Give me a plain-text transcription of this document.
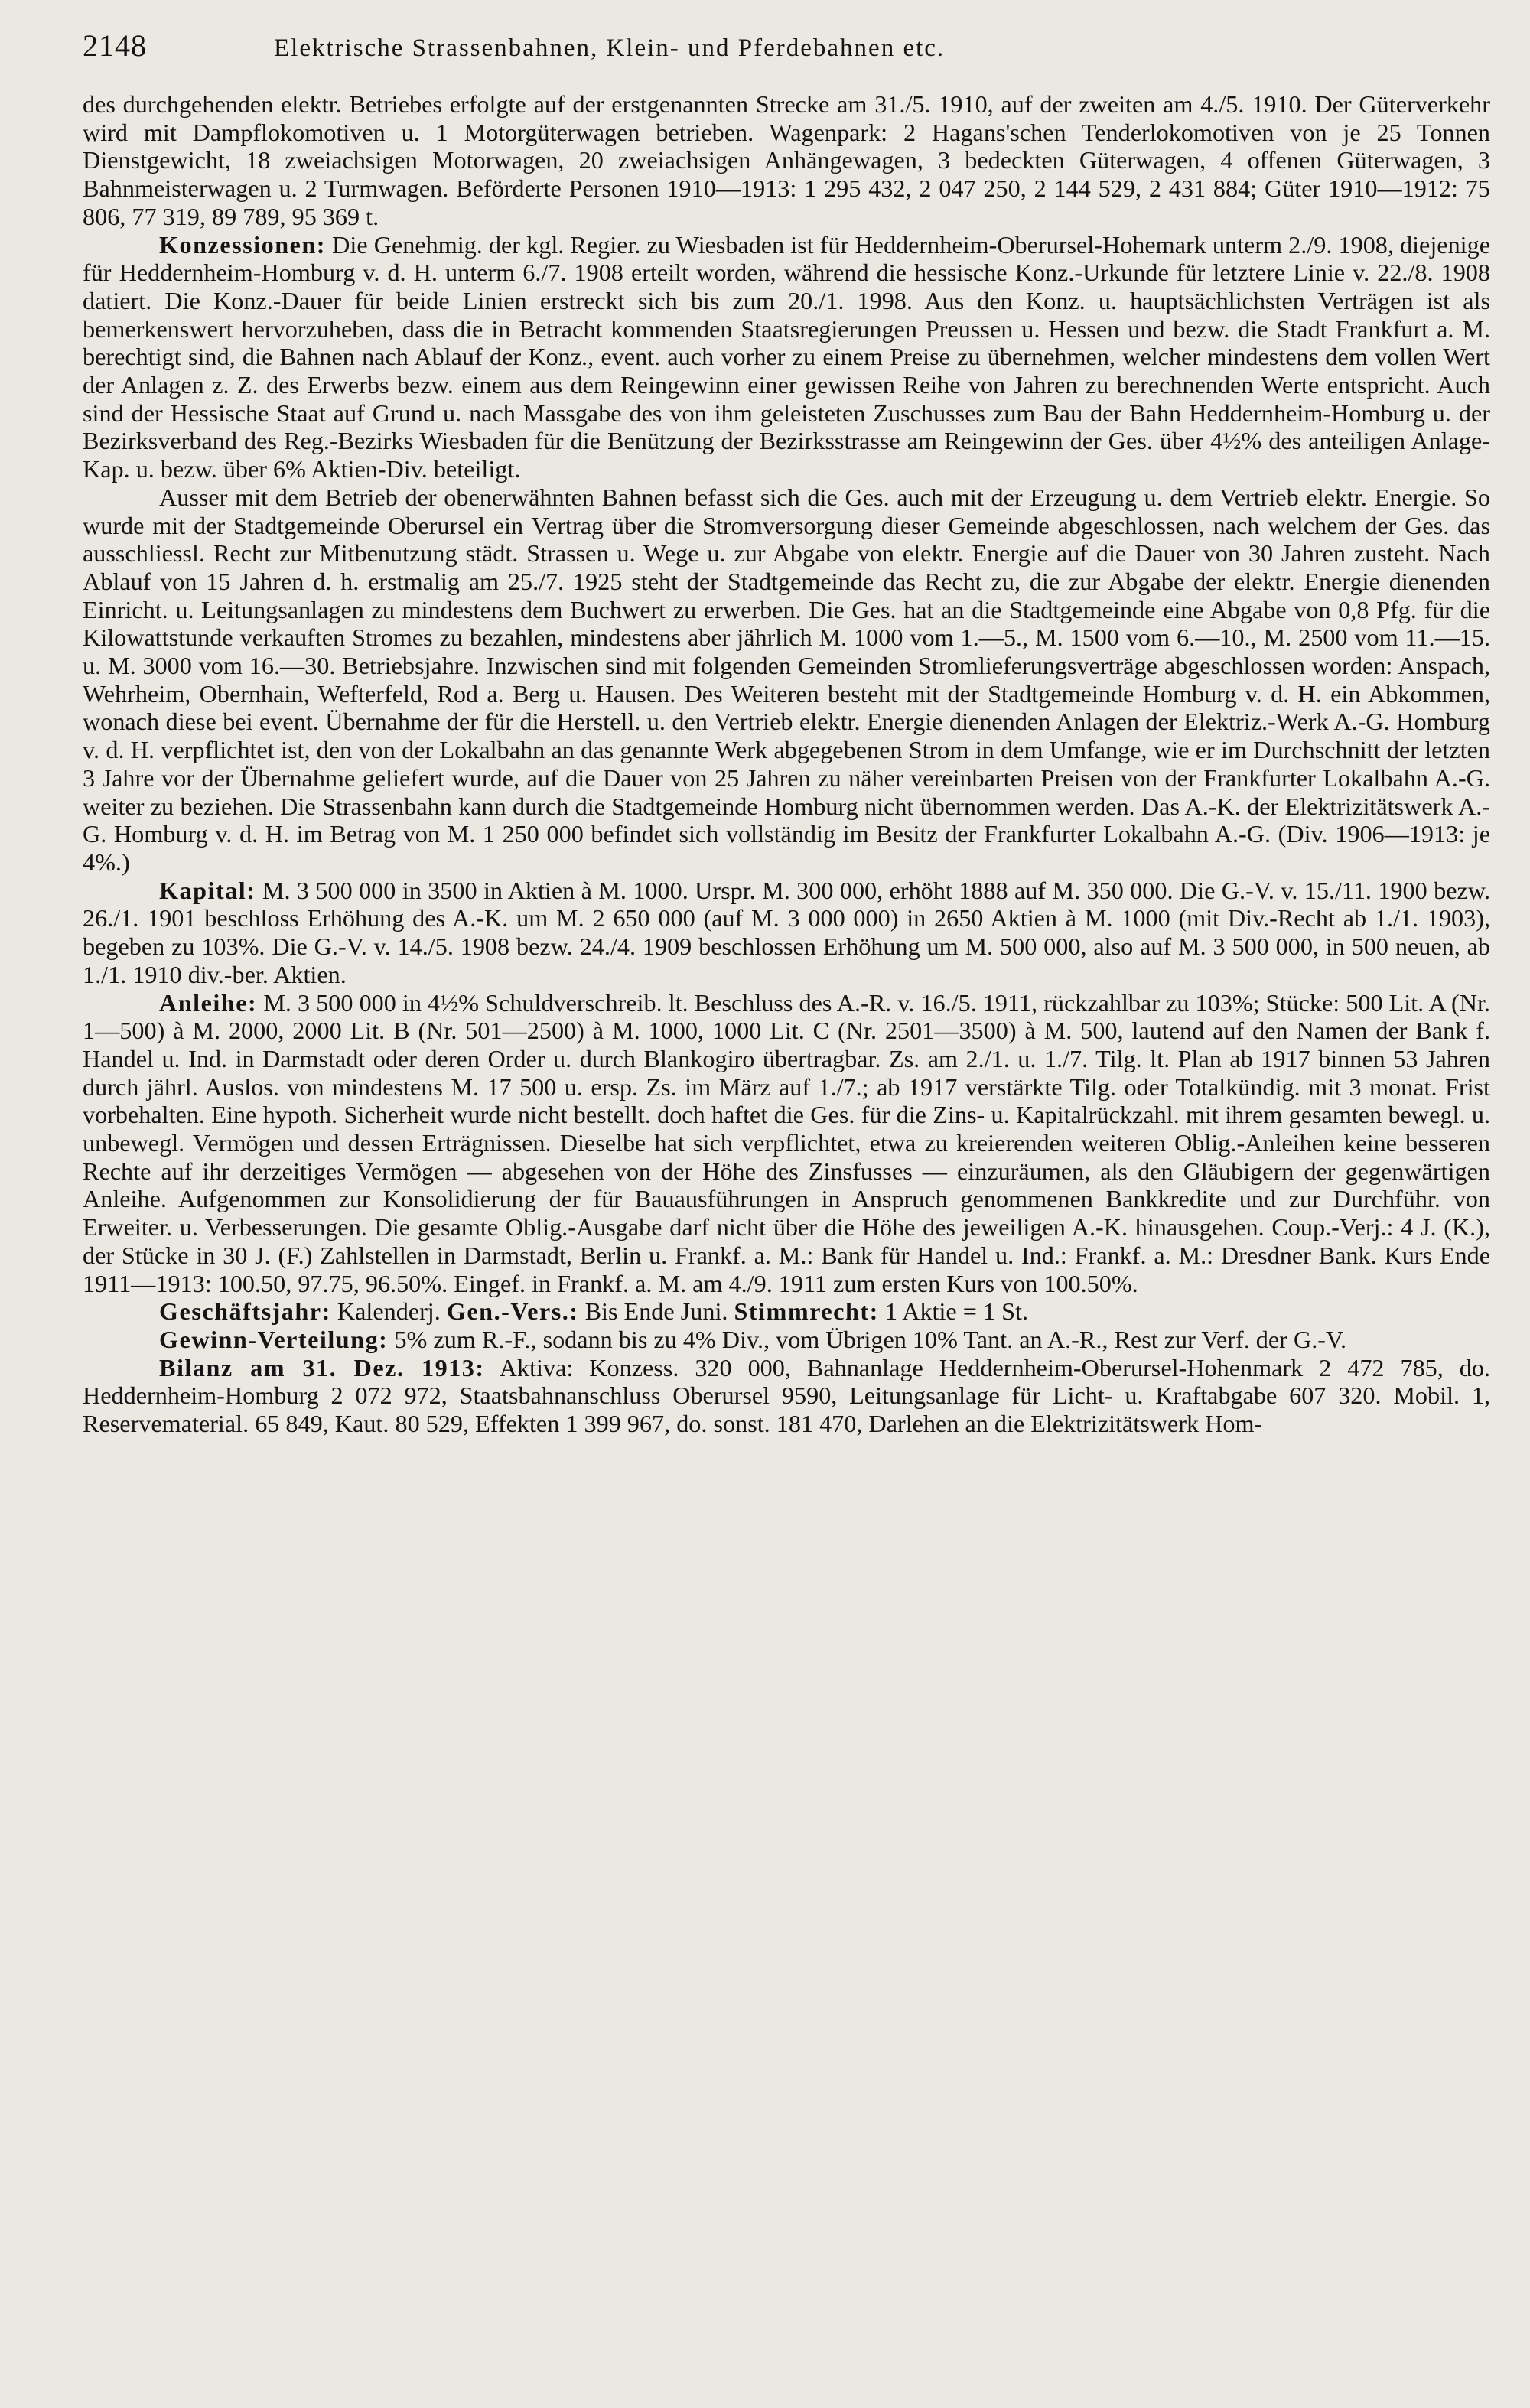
2148	Elektrische Strassenbahnen, Klein- und Pferdebahnen etc.

des durchgehenden elektr. Betriebes erfolgte auf der erstgenannten Strecke am 31./5. 1910, auf der zweiten am 4./5. 1910. Der Güterverkehr wird mit Dampflokomotiven u. 1 Motorgüterwagen betrieben. Wagenpark: 2 Hagans'schen Tenderlokomotiven von je 25 Tonnen Dienstgewicht, 18 zweiachsigen Motorwagen, 20 zweiachsigen Anhängewagen, 3 bedeckten Güterwagen, 4 offenen Güterwagen, 3 Bahnmeisterwagen u. 2 Turmwagen. Beförderte Personen 1910—1913: 1 295 432, 2 047 250, 2 144 529, 2 431 884; Güter 1910—1912: 75 806, 77 319, 89 789, 95 369 t.

Konzessionen: Die Genehmig. der kgl. Regier. zu Wiesbaden ist für Heddernheim-Oberursel-Hohemark unterm 2./9. 1908, diejenige für Heddernheim-Homburg v. d. H. unterm 6./7. 1908 erteilt worden, während die hessische Konz.-Urkunde für letztere Linie v. 22./8. 1908 datiert. Die Konz.-Dauer für beide Linien erstreckt sich bis zum 20./1. 1998. Aus den Konz. u. hauptsächlichsten Verträgen ist als bemerkenswert hervorzuheben, dass die in Betracht kommenden Staatsregierungen Preussen u. Hessen und bezw. die Stadt Frankfurt a. M. berechtigt sind, die Bahnen nach Ablauf der Konz., event. auch vorher zu einem Preise zu übernehmen, welcher mindestens dem vollen Wert der Anlagen z. Z. des Erwerbs bezw. einem aus dem Reingewinn einer gewissen Reihe von Jahren zu berechnenden Werte entspricht. Auch sind der Hessische Staat auf Grund u. nach Massgabe des von ihm geleisteten Zuschusses zum Bau der Bahn Heddernheim-Homburg u. der Bezirksverband des Reg.-Bezirks Wiesbaden für die Benützung der Bezirksstrasse am Reingewinn der Ges. über 4½% des anteiligen Anlage-Kap. u. bezw. über 6% Aktien-Div. beteiligt.

Ausser mit dem Betrieb der obenerwähnten Bahnen befasst sich die Ges. auch mit der Erzeugung u. dem Vertrieb elektr. Energie. So wurde mit der Stadtgemeinde Oberursel ein Vertrag über die Stromversorgung dieser Gemeinde abgeschlossen, nach welchem der Ges. das ausschliessl. Recht zur Mitbenutzung städt. Strassen u. Wege u. zur Abgabe von elektr. Energie auf die Dauer von 30 Jahren zusteht. Nach Ablauf von 15 Jahren d. h. erstmalig am 25./7. 1925 steht der Stadtgemeinde das Recht zu, die zur Abgabe der elektr. Energie dienenden Einricht. u. Leitungsanlagen zu mindestens dem Buchwert zu erwerben. Die Ges. hat an die Stadtgemeinde eine Abgabe von 0,8 Pfg. für die Kilowattstunde verkauften Stromes zu bezahlen, mindestens aber jährlich M. 1000 vom 1.—5., M. 1500 vom 6.—10., M. 2500 vom 11.—15. u. M. 3000 vom 16.—30. Betriebsjahre. Inzwischen sind mit folgenden Gemeinden Stromlieferungsverträge abgeschlossen worden: Anspach, Wehrheim, Obernhain, Wefterfeld, Rod a. Berg u. Hausen. Des Weiteren besteht mit der Stadtgemeinde Homburg v. d. H. ein Abkommen, wonach diese bei event. Übernahme der für die Herstell. u. den Vertrieb elektr. Energie dienenden Anlagen der Elektriz.-Werk A.-G. Homburg v. d. H. verpflichtet ist, den von der Lokalbahn an das genannte Werk abgegebenen Strom in dem Umfange, wie er im Durchschnitt der letzten 3 Jahre vor der Übernahme geliefert wurde, auf die Dauer von 25 Jahren zu näher vereinbarten Preisen von der Frankfurter Lokalbahn A.-G. weiter zu beziehen. Die Strassenbahn kann durch die Stadtgemeinde Homburg nicht übernommen werden. Das A.-K. der Elektrizitätswerk A.-G. Homburg v. d. H. im Betrag von M. 1 250 000 befindet sich vollständig im Besitz der Frankfurter Lokalbahn A.-G. (Div. 1906—1913: je 4%.)

Kapital: M. 3 500 000 in 3500 in Aktien à M. 1000. Urspr. M. 300 000, erhöht 1888 auf M. 350 000. Die G.-V. v. 15./11. 1900 bezw. 26./1. 1901 beschloss Erhöhung des A.-K. um M. 2 650 000 (auf M. 3 000 000) in 2650 Aktien à M. 1000 (mit Div.-Recht ab 1./1. 1903), begeben zu 103%. Die G.-V. v. 14./5. 1908 bezw. 24./4. 1909 beschlossen Erhöhung um M. 500 000, also auf M. 3 500 000, in 500 neuen, ab 1./1. 1910 div.-ber. Aktien.

Anleihe: M. 3 500 000 in 4½% Schuldverschreib. lt. Beschluss des A.-R. v. 16./5. 1911, rückzahlbar zu 103%; Stücke: 500 Lit. A (Nr. 1—500) à M. 2000, 2000 Lit. B (Nr. 501—2500) à M. 1000, 1000 Lit. C (Nr. 2501—3500) à M. 500, lautend auf den Namen der Bank f. Handel u. Ind. in Darmstadt oder deren Order u. durch Blankogiro übertragbar. Zs. am 2./1. u. 1./7. Tilg. lt. Plan ab 1917 binnen 53 Jahren durch jährl. Auslos. von mindestens M. 17 500 u. ersp. Zs. im März auf 1./7.; ab 1917 verstärkte Tilg. oder Totalkündig. mit 3 monat. Frist vorbehalten. Eine hypoth. Sicherheit wurde nicht bestellt. doch haftet die Ges. für die Zins- u. Kapitalrückzahl. mit ihrem gesamten bewegl. u. unbewegl. Vermögen und dessen Erträgnissen. Dieselbe hat sich verpflichtet, etwa zu kreierenden weiteren Oblig.-Anleihen keine besseren Rechte auf ihr derzeitiges Vermögen — abgesehen von der Höhe des Zinsfusses — einzuräumen, als den Gläubigern der gegenwärtigen Anleihe. Aufgenommen zur Konsolidierung der für Bauausführungen in Anspruch genommenen Bankkredite und zur Durchführ. von Erweiter. u. Verbesserungen. Die gesamte Oblig.-Ausgabe darf nicht über die Höhe des jeweiligen A.-K. hinausgehen. Coup.-Verj.: 4 J. (K.), der Stücke in 30 J. (F.) Zahlstellen in Darmstadt, Berlin u. Frankf. a. M.: Bank für Handel u. Ind.: Frankf. a. M.: Dresdner Bank. Kurs Ende 1911—1913: 100.50, 97.75, 96.50%. Eingef. in Frankf. a. M. am 4./9. 1911 zum ersten Kurs von 100.50%.

Geschäftsjahr: Kalenderj. Gen.-Vers.: Bis Ende Juni. Stimmrecht: 1 Aktie = 1 St.

Gewinn-Verteilung: 5% zum R.-F., sodann bis zu 4% Div., vom Übrigen 10% Tant. an A.-R., Rest zur Verf. der G.-V.

Bilanz am 31. Dez. 1913: Aktiva: Konzess. 320 000, Bahnanlage Heddernheim-Oberursel-Hohenmark 2 472 785, do. Heddernheim-Homburg 2 072 972, Staatsbahnanschluss Oberursel 9590, Leitungsanlage für Licht- u. Kraftabgabe 607 320. Mobil. 1, Reservematerial. 65 849, Kaut. 80 529, Effekten 1 399 967, do. sonst. 181 470, Darlehen an die Elektrizitätswerk Hom-
